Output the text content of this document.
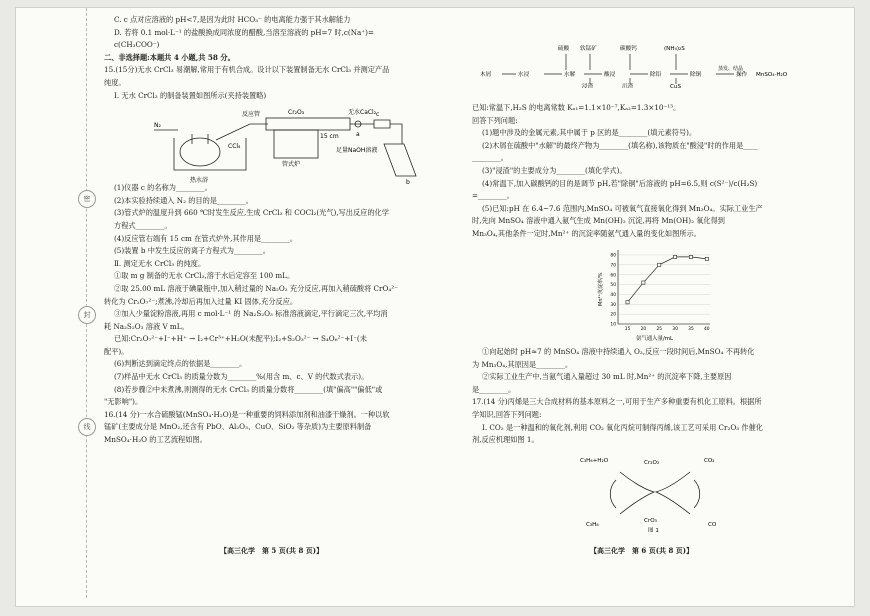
密
封
线

C. c 点对应溶液的 pH<7,是因为此时 HCO₃⁻ 的电离能力强于其水解能力

D. 若将 0.1 mol·L⁻¹ 的盐酸换成同浓度的醋酸,当溶至溶液的 pH=7 时,c(Na⁺)=

c(CH₃COO⁻)

二、非选择题:本题共 4 小题,共 58 分。

15.(15分)无水 CrCl₃ 易潮解,常用于有机合成。设计以下装置制备无水 CrCl₃ 并测定产品

纯度。

Ⅰ. 无水 CrCl₃ 的制备装置如图所示(夹持装置略)

(1)仪器 c 的名称为________。

(2)本实验持续通入 N₂ 的目的是________。

(3)管式炉的温度升到 660 ℃时发生反应,生成 CrCl₃ 和 COCl₂(光气),写出反应的化学

方程式________。

(4)反应管右端有 15 cm 在管式炉外,其作用是________。

(5)装置 b 中发生反应的离子方程式为________。

Ⅱ. 测定无水 CrCl₃ 的纯度。

①取 m g 制备的无水 CrCl₃,溶于水后定容至 100 mL。

②取 25.00 mL 溶液于碘量瓶中,加入稍过量的 Na₂O₂ 充分反应,再加入稍硫酸将 CrO₄²⁻

转化为 Cr₂O₇²⁻;煮沸,冷却后再加入过量 KI 固体,充分反应。

③加入少量淀粉溶液,再用 c mol·L⁻¹ 的 Na₂S₂O₃ 标准溶液滴定,平行滴定三次,平均消

耗 Na₂S₂O₃ 溶液 V mL。

已知:Cr₂O₇²⁻+I⁻+H⁺ → I₂+Cr³⁺+H₂O(未配平);I₂+S₂O₃²⁻ → S₄O₆²⁻+I⁻(未

配平)。

(6)判断达到滴定终点的依据是________。

(7)样品中无水 CrCl₃ 的质量分数为________%(用含 m、c、V 的代数式表示)。

(8)若步骤②中未煮沸,则测得的无水 CrCl₃ 的质量分数将________(填"偏高""偏低"或

"无影响")。

16.(14 分)一水合硫酸锰(MnSO₄·H₂O)是一种重要的饲料添加剂和油漆干燥剂。一种以软

锰矿(主要成分是 MnO₂,还含有 PbO、Al₂O₃、CuO、SiO₂ 等杂质)为主要原料制备

MnSO₄·H₂O 的工艺流程如图。

N₂
反应管	Cr₂O₃	无水CaCl₂
CCl₄
15 cm
管式炉
足量NaOH溶液
热水浴
a
b
c
【高三化学　第 5 页(共 8 页)】
木屑	水浸	水解	酸浸	除铅	除铜
蒸发、结晶
操作 MnSO₄·H₂O
硫酸 软锰矿	碳酸钙	(NH₄)₂S
浸渣	沉渣	CuS

已知:常温下,H₂S 的电离常数 Kₐ₁=1.1×10⁻⁷,Kₐ₂=1.3×10⁻¹³。

回答下列问题:

(1)题中涉及的金属元素,其中属于 p 区的是________(填元素符号)。

(2)木屑在硫酸中"水解"的最终产物为________(填名称),该物质在"酸浸"时的作用是____

________。

(3)"浸渣"的主要成分为________(填化学式)。

(4)常温下,加入碳酸钙的目的是调节 pH,若"除铜"后溶液的 pH=6.5,则 c(S²⁻)/c(H₂S)

=________。

(5)已知:pH 在 6.4~7.6 范围内,MnSO₄ 可被氧气直接氧化得到 Mn₃O₄。实际工业生产

时,先向 MnSO₄ 溶液中通入氨气生成 Mn(OH)₂ 沉淀,再将 Mn(OH)₂ 氧化得到

Mn₃O₄,其他条件一定时,Mn²⁺ 的沉淀率随氨气通入量的变化如图所示。

Mn²⁺沉淀率/%
氨气通入量/mL
10
20
30
40
50
60
70
80
15 20 25 30 35 40

①向起始时 pH≈7 的 MnSO₄ 溶液中持续通入 O₂,反应一段时间后,MnSO₄ 不再转化

为 Mn₃O₄,其原因是________。

②实际工业生产中,当氨气通入量超过 30 mL 时,Mn²⁺ 的沉淀率下降,主要原因

是________。

17.(14 分)丙烯是三大合成材料的基本原料之一,可用于生产多种重要有机化工原料。根据所

学知识,回答下列问题:

Ⅰ. CO₂ 是一种温和的氧化剂,利用 CO₂ 氧化丙烷可制得丙烯,该工艺可采用 Cr₂O₃ 作催化

剂,反应机理如图 1。

C₃H₆+H₂O	Cr₂O₃	CO₂
C₃H₈
CrO₃
CO
图 1
【高三化学　第 6 页(共 8 页)】
